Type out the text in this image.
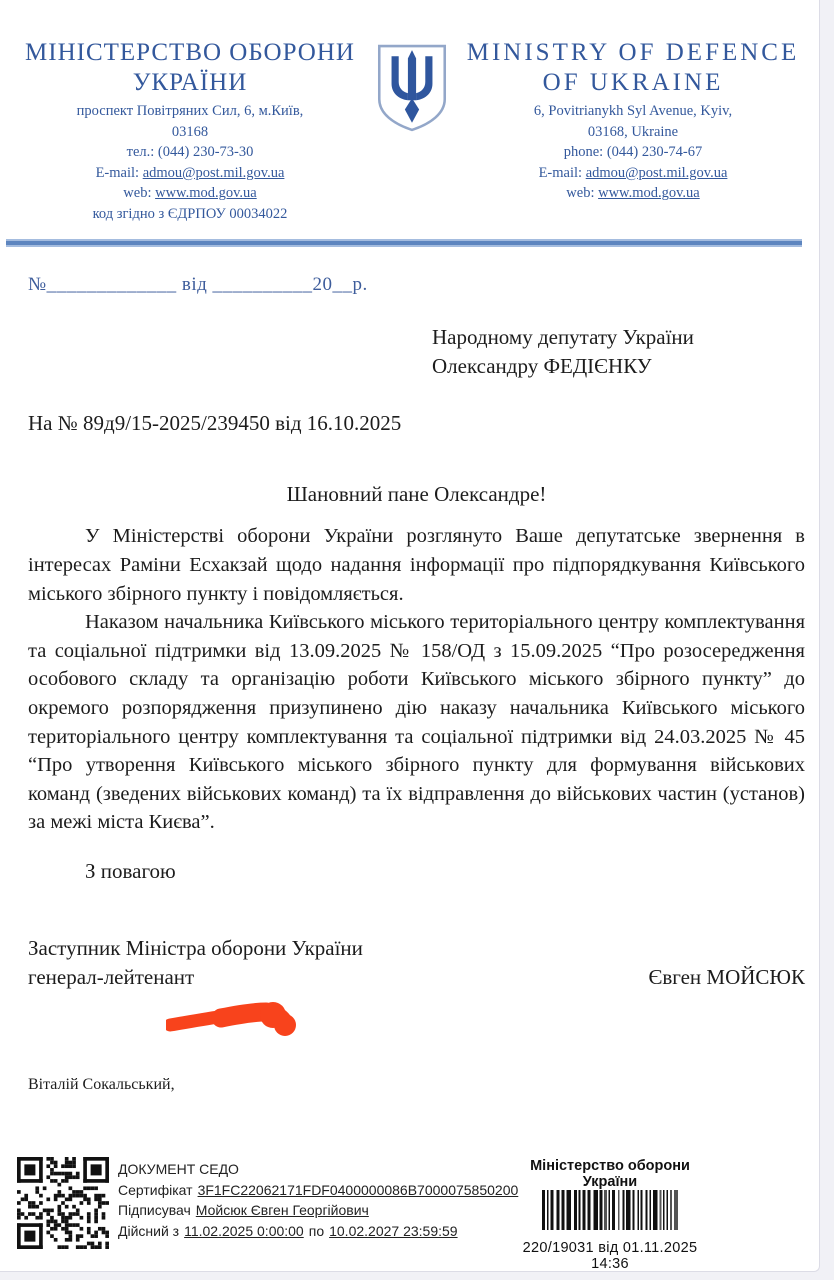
МІНІСТЕРСТВО ОБОРОНИ
УКРАЇНИ
проспект Повітряних Сил, 6, м.Київ,
03168
тел.: (044) 230-73-30
E-mail: admou@post.mil.gov.ua
web: www.mod.gov.ua
код згідно з ЄДРПОУ 00034022
MINISTRY OF DEFENCE
OF UKRAINE
6, Povitrianykh Syl Avenue, Kyiv,
03168, Ukraine
phone: (044) 230-74-67
E-mail: admou@post.mil.gov.ua
web: www.mod.gov.ua
№_____________ від __________20__р.
Народному депутату України
Олександру ФЕДІЄНКУ
На № 89д9/15-2025/239450 від 16.10.2025
Шановний пане Олександре!

У Міністерстві оборони України розглянуто Ваше депутатське звернення в інтересах Раміни Есхакзай щодо надання інформації про підпорядкування Київського міського збірного пункту і повідомляється.

Наказом начальника Київського міського територіального центру комплектування та соціальної підтримки від 13.09.2025 № 158/ОД з 15.09.2025 “Про розосередження особового складу та організацію роботи Київського міського збірного пункту” до окремого розпорядження призупинено дію наказу начальника Київського міського територіального центру комплектування та соціальної підтримки від 24.03.2025 № 45 “Про утворення Київського міського збірного пункту для формування військових команд (зведених військових команд) та їх відправлення до військових частин (установ) за межі міста Києва”.

З повагою
Заступник Міністра оборони України
генерал-лейтенант	Євген МОЙСЮК
Віталій Сокальський,
ДОКУМЕНТ СЕДО
Сертифікат 3F1FC22062171FDF0400000086B7000075850200
Підписувач Мойсюк Євген Георгійович
Дійсний з 11.02.2025 0:00:00 по 10.02.2027 23:59:59
Міністерство оборони України
220/19031 від 01.11.2025 14:36
